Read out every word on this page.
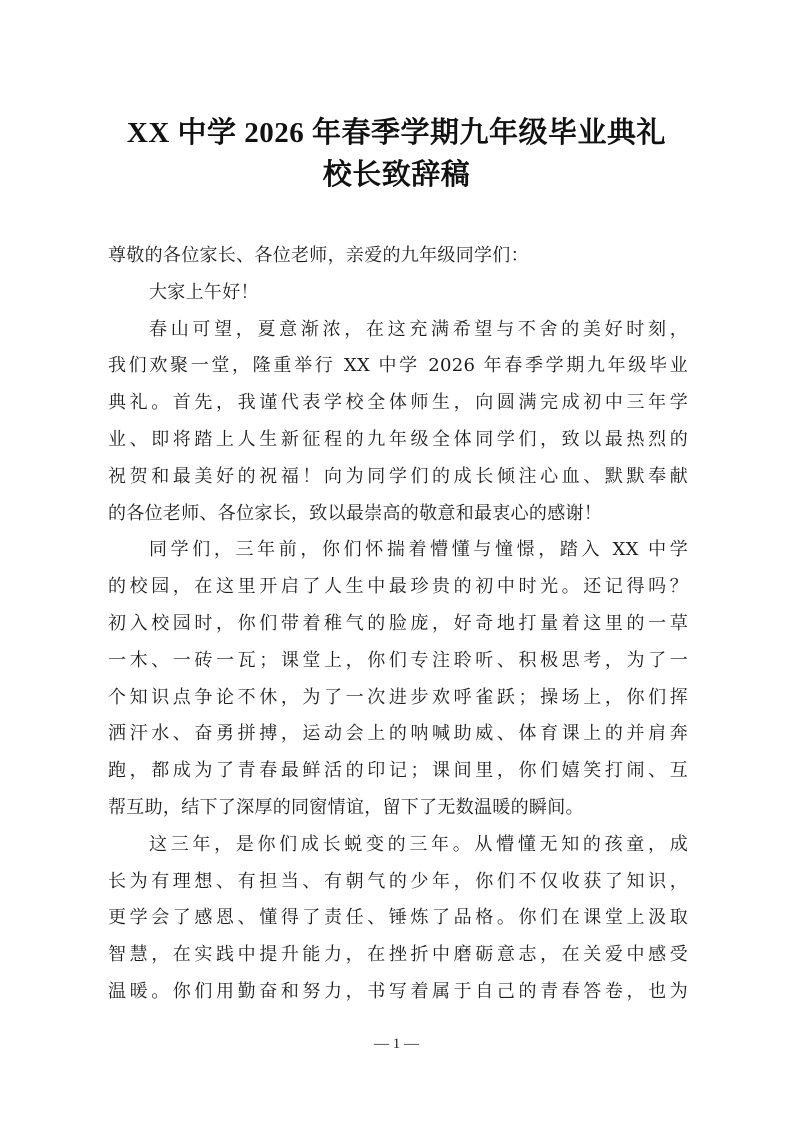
XX 中学 2026 年春季学期九年级毕业典礼
校长致辞稿
尊敬的各位家长、各位老师，亲爱的九年级同学们：
大家上午好！
春山可望，夏意渐浓，在这充满希望与不舍的美好时刻，
我们欢聚一堂，隆重举行 XX 中学 2026 年春季学期九年级毕业
典礼。首先，我谨代表学校全体师生，向圆满完成初中三年学
业、即将踏上人生新征程的九年级全体同学们，致以最热烈的
祝贺和最美好的祝福！向为同学们的成长倾注心血、默默奉献
的各位老师、各位家长，致以最崇高的敬意和最衷心的感谢！
同学们，三年前，你们怀揣着懵懂与憧憬，踏入 XX 中学
的校园，在这里开启了人生中最珍贵的初中时光。还记得吗？
初入校园时，你们带着稚气的脸庞，好奇地打量着这里的一草
一木、一砖一瓦；课堂上，你们专注聆听、积极思考，为了一
个知识点争论不休，为了一次进步欢呼雀跃；操场上，你们挥
洒汗水、奋勇拼搏，运动会上的呐喊助威、体育课上的并肩奔
跑，都成为了青春最鲜活的印记；课间里，你们嬉笑打闹、互
帮互助，结下了深厚的同窗情谊，留下了无数温暖的瞬间。
这三年，是你们成长蜕变的三年。从懵懂无知的孩童，成
长为有理想、有担当、有朝气的少年，你们不仅收获了知识，
更学会了感恩、懂得了责任、锤炼了品格。你们在课堂上汲取
智慧，在实践中提升能力，在挫折中磨砺意志，在关爱中感受
温暖。你们用勤奋和努力，书写着属于自己的青春答卷，也为
— 1 —
